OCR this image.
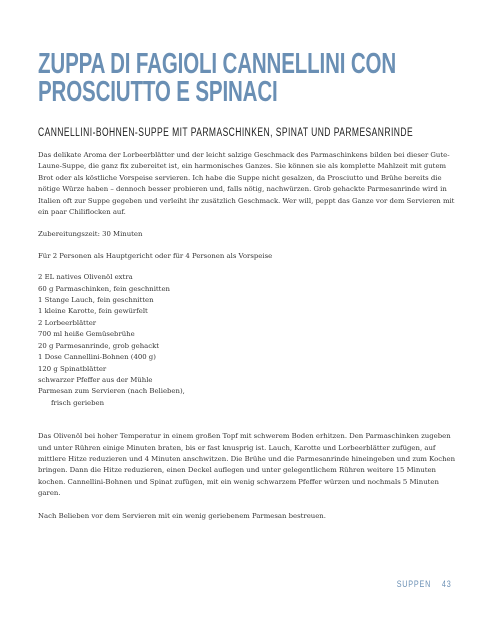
ZUPPA DI FAGIOLI CANNELLINI CON
PROSCIUTTO E SPINACI
CANNELLINI-BOHNEN-SUPPE MIT PARMASCHINKEN, SPINAT UND PARMESANRINDE

Das delikate Aroma der Lorbeerblätter und der leicht salzige Geschmack des Parmaschinkens bilden bei dieser Gute-Laune-Suppe, die ganz fix zubereitet ist, ein harmonisches Ganzes. Sie können sie als komplette Mahlzeit mit gutem Brot oder als köstliche Vorspeise servieren. Ich habe die Suppe nicht gesalzen, da Prosciutto und Brühe bereits die nötige Würze haben – dennoch besser probieren und, falls nötig, nachwürzen. Grob gehackte Parmesanrinde wird in Italien oft zur Suppe gegeben und verleiht ihr zusätzlich Geschmack. Wer will, peppt das Ganze vor dem Servieren mit ein paar Chiliflocken auf.

Zubereitungszeit: 30 Minuten

Für 2 Personen als Hauptgericht oder für 4 Personen als Vorspeise

2 EL natives Olivenöl extra
60 g Parmaschinken, fein geschnitten
1 Stange Lauch, fein geschnitten
1 kleine Karotte, fein gewürfelt
2 Lorbeerblätter
700 ml heiße Gemüsebrühe
20 g Parmesanrinde, grob gehackt
1 Dose Cannellini-Bohnen (400 g)
120 g Spinatblätter
schwarzer Pfeffer aus der Mühle
Parmesan zum Servieren (nach Belieben),
frisch gerieben

Das Olivenöl bei hoher Temperatur in einem großen Topf mit schwerem Boden erhitzen. Den Parmaschinken zugeben und unter Rühren einige Minuten braten, bis er fast knusprig ist. Lauch, Karotte und Lorbeerblätter zufügen, auf mittlere Hitze reduzieren und 4 Minuten anschwitzen. Die Brühe und die Parmesanrinde hineingeben und zum Kochen bringen. Dann die Hitze reduzieren, einen Deckel auflegen und unter gelegentlichem Rühren weitere 15 Minuten kochen. Cannellini-Bohnen und Spinat zufügen, mit ein wenig schwarzem Pfeffer würzen und nochmals 5 Minuten garen.

Nach Belieben vor dem Servieren mit ein wenig geriebenem Parmesan bestreuen.

SUPPEN 43
